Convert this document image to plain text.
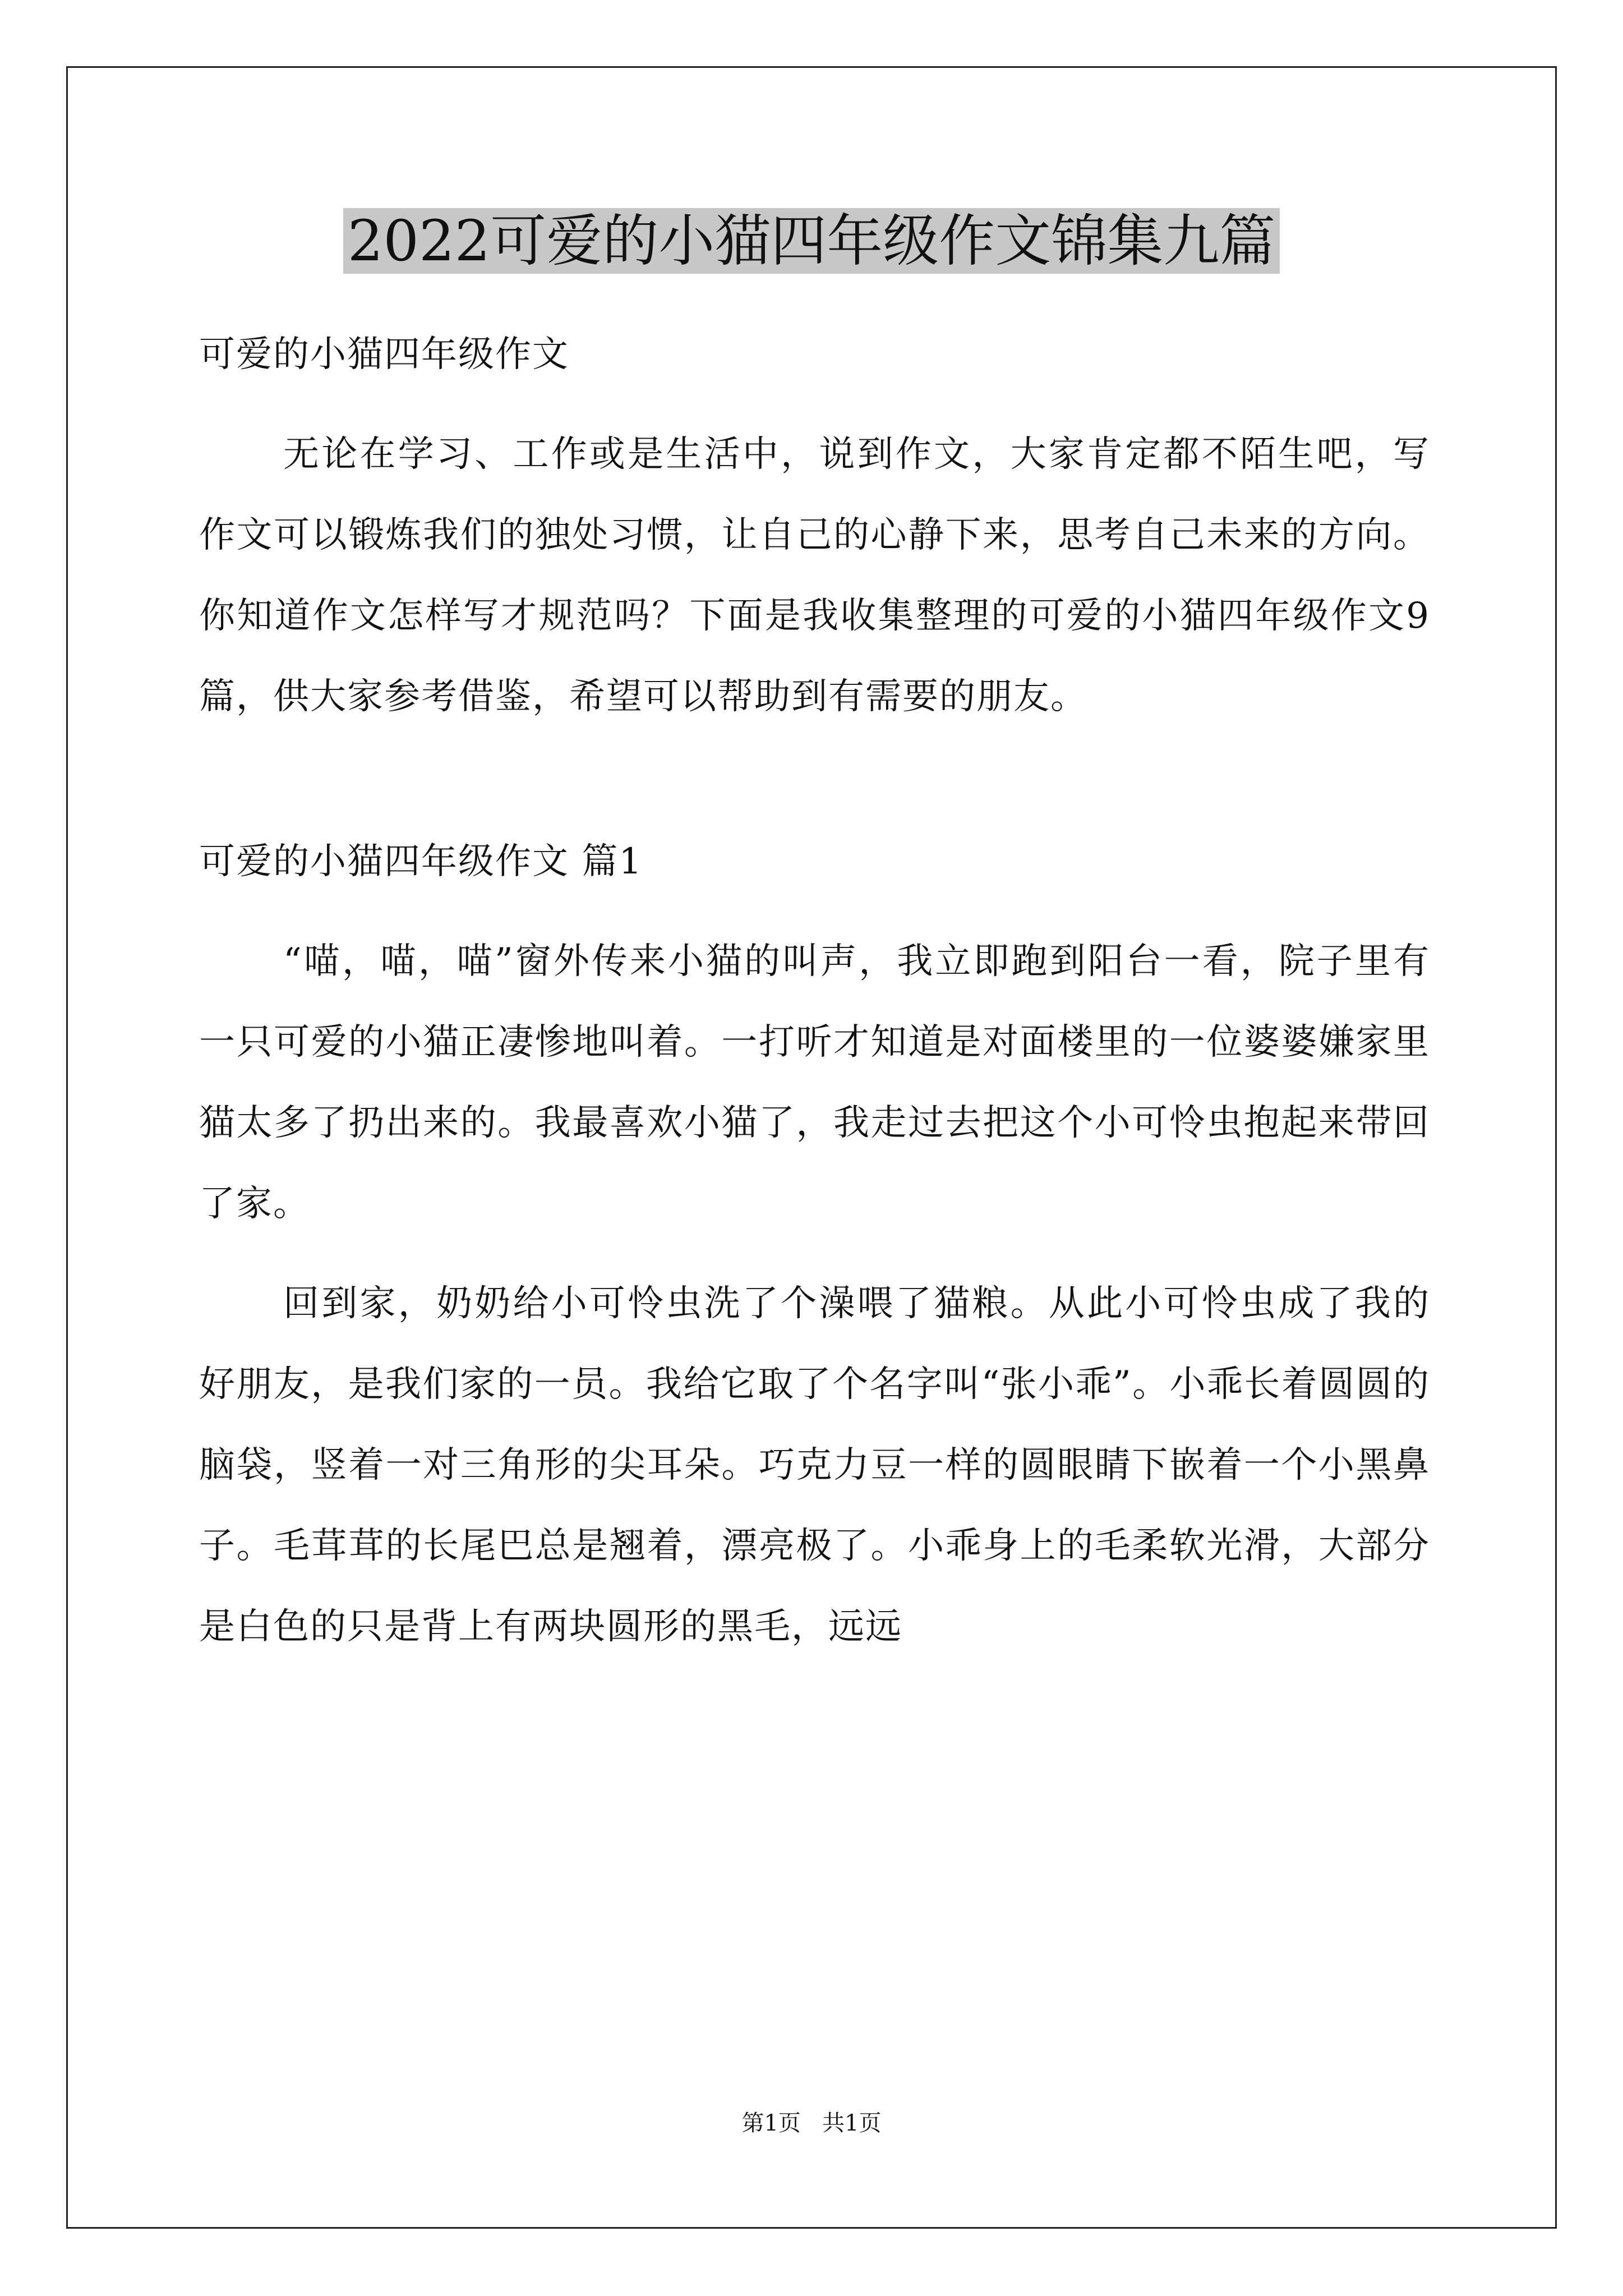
2022可爱的小猫四年级作文锦集九篇

可爱的小猫四年级作文

无论在学习、工作或是生活中，说到作文，大家肯定都不陌生吧，写作文可以锻炼我们的独处习惯，让自己的心静下来，思考自己未来的方向。你知道作文怎样写才规范吗？下面是我收集整理的可爱的小猫四年级作文9篇，供大家参考借鉴，希望可以帮助到有需要的朋友。

可爱的小猫四年级作文 篇1

“喵，喵，喵”窗外传来小猫的叫声，我立即跑到阳台一看，院子里有一只可爱的小猫正凄惨地叫着。一打听才知道是对面楼里的一位婆婆嫌家里猫太多了扔出来的。我最喜欢小猫了，我走过去把这个小可怜虫抱起来带回了家。

回到家，奶奶给小可怜虫洗了个澡喂了猫粮。从此小可怜虫成了我的好朋友，是我们家的一员。我给它取了个名字叫“张小乖”。小乖长着圆圆的脑袋，竖着一对三角形的尖耳朵。巧克力豆一样的圆眼睛下嵌着一个小黑鼻子。毛茸茸的长尾巴总是翘着，漂亮极了。小乖身上的毛柔软光滑，大部分是白色的只是背上有两块圆形的黑毛，远远

第1页   共1页
